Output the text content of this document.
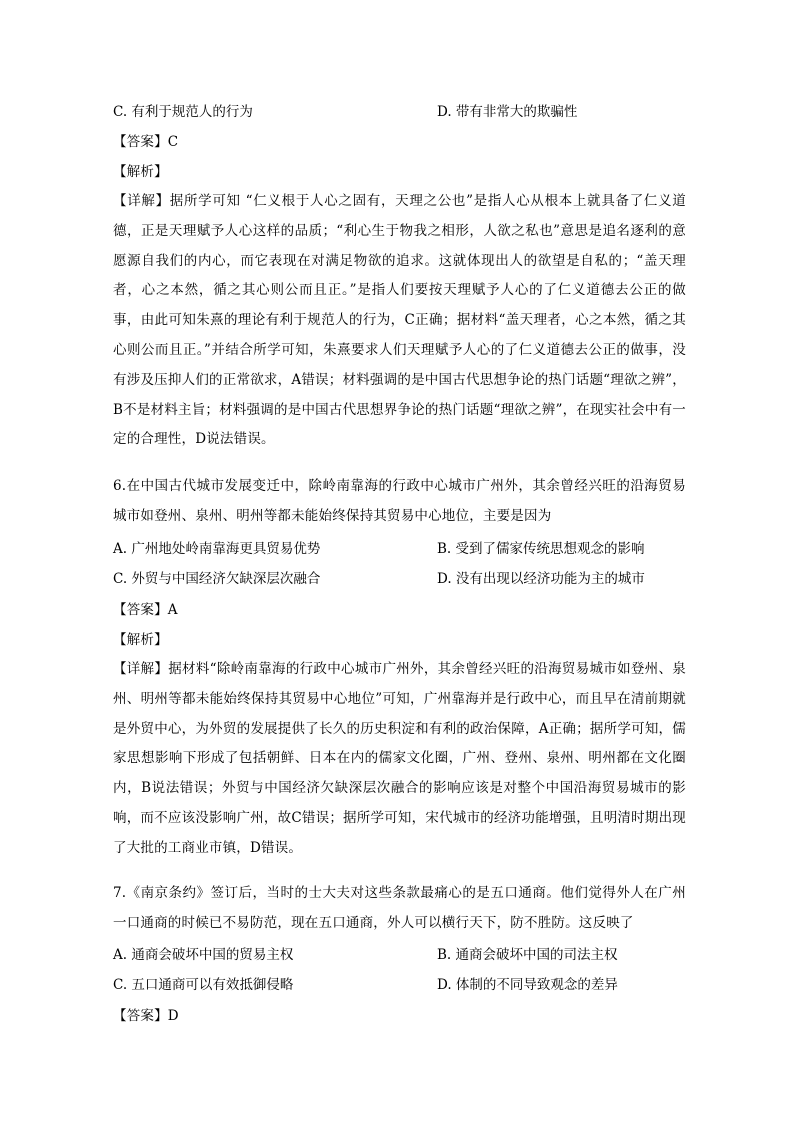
C. 有利于规范人的行为	D. 带有非常大的欺骗性
【答案】C
【解析】

【详解】据所学可知 “仁义根于人心之固有，天理之公也”是指人心从根本上就具备了仁义道德，正是天理赋予人心这样的品质；“利心生于物我之相形，人欲之私也”意思是追名逐利的意愿源自我们的内心，而它表现在对满足物欲的追求。这就体现出人的欲望是自私的；“盖天理者，心之本然，循之其心则公而且正。”是指人们要按天理赋予人心的了仁义道德去公正的做事，由此可知朱熹的理论有利于规范人的行为，C正确；据材料“盖天理者，心之本然，循之其心则公而且正。”并结合所学可知，朱熹要求人们天理赋予人心的了仁义道德去公正的做事，没有涉及压抑人们的正常欲求，A错误；材料强调的是中国古代思想争论的热门话题“理欲之辨”，B不是材料主旨；材料强调的是中国古代思想界争论的热门话题“理欲之辨”，在现实社会中有一定的合理性，D说法错误。

6.在中国古代城市发展变迁中，除岭南靠海的行政中心城市广州外，其余曾经兴旺的沿海贸易城市如登州、泉州、明州等都未能始终保持其贸易中心地位，主要是因为

A. 广州地处岭南靠海更具贸易优势	B. 受到了儒家传统思想观念的影响
C. 外贸与中国经济欠缺深层次融合	D. 没有出现以经济功能为主的城市
【答案】A
【解析】

【详解】据材料“除岭南靠海的行政中心城市广州外，其余曾经兴旺的沿海贸易城市如登州、泉州、明州等都未能始终保持其贸易中心地位”可知，广州靠海并是行政中心，而且早在清前期就是外贸中心，为外贸的发展提供了长久的历史积淀和有利的政治保障，A正确；据所学可知，儒家思想影响下形成了包括朝鲜、日本在内的儒家文化圈，广州、登州、泉州、明州都在文化圈内，B说法错误；外贸与中国经济欠缺深层次融合的影响应该是对整个中国沿海贸易城市的影响，而不应该没影响广州，故C错误；据所学可知，宋代城市的经济功能增强，且明清时期出现了大批的工商业市镇，D错误。

7.《南京条约》签订后，当时的士大夫对这些条款最痛心的是五口通商。他们觉得外人在广州一口通商的时候已不易防范，现在五口通商，外人可以横行天下，防不胜防。这反映了

A. 通商会破坏中国的贸易主权	B. 通商会破坏中国的司法主权
C. 五口通商可以有效抵御侵略	D. 体制的不同导致观念的差异
【答案】D
